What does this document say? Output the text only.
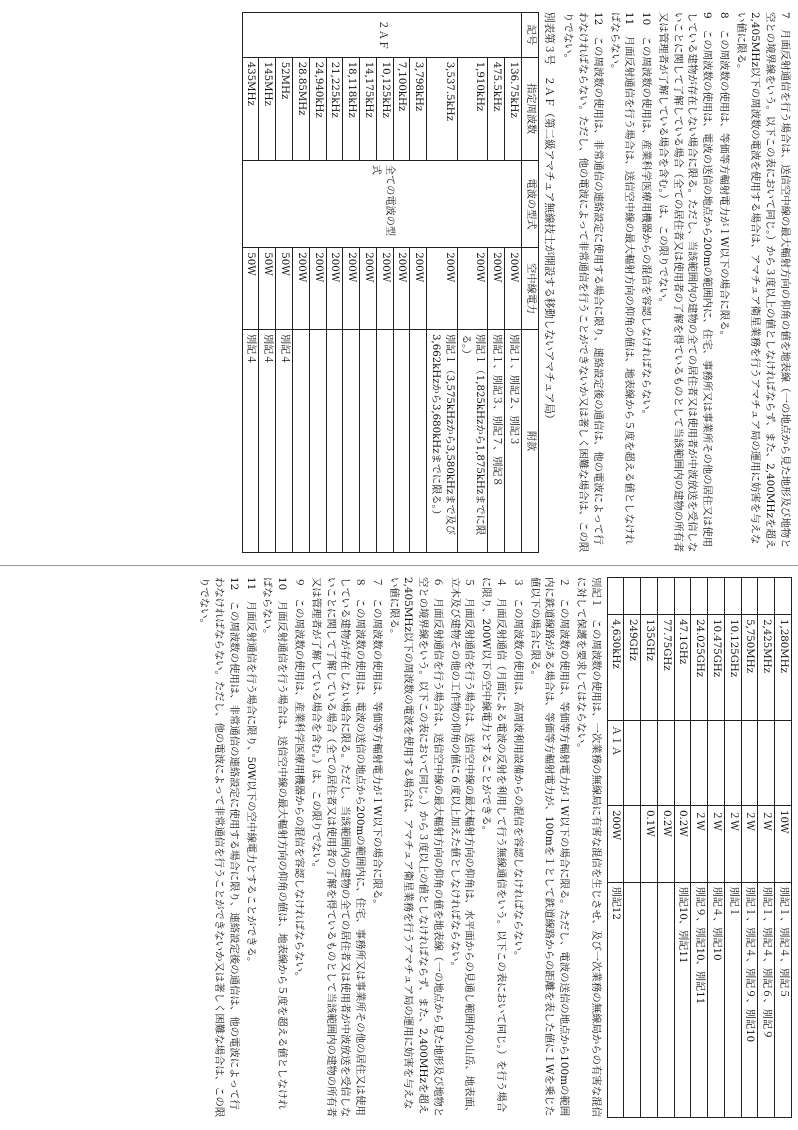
7　月面反射通信を行う場合は、送信空中線の最大輻射方向の仰角の値を地表線（一の地点から見た地形及び地物と空との境界線をいう。以下この表において同じ。）から３度以上の値としなければならず、また、2,400MHzを超え2,405MHz以下の周波数の電波を使用する場合は、アマチュア衛星業務を行うアマチュア局の運用に妨害を与えない値に限る。

8　この周波数の使用は、等価等方輻射電力が１W以下の場合に限る。

9　この周波数の使用は、電波の送信の地点から200mの範囲内に、住宅、事務所又は事業所その他の居住又は使用している建物が存在しない場合に限る。ただし、当該範囲内の建物の全ての居住者又は使用者が中波放送を受信しないことに関して了解している場合（全ての居住者又は使用者の了解を得ているものとして当該範囲内の建物の所有者又は管理者が了解している場合を含む。）は、この限りでない。

10　この周波数の使用は、産業科学医療用機器からの混信を容認しなければならない。

11　月面反射通信を行う場合は、送信空中線の最大輻射方向の仰角の値は、地表線から５度を超える値としなければならない。

12　この周波数の使用は、非常通信の連絡設定に使用する場合に限り、連絡設定後の通信は、他の電波によって行わなければならない。ただし、他の電波によって非常通信を行うことができないか又は著しく困難な場合は、この限りでない。

別表第３号　２ＡＦ（第二級アマチュア無線技士が開設する移動しないアマチュア局）
記号	指定周波数	電波の型式	空中線電力	附款
２ＡＦ	136.75kHz	全ての電波の型式	200W	別記１、別記２、別記３
	475.5kHz		200W	別記１、別記３、別記７、別記８
	1,910kHz		200W	別記１（1,825kHzから1,875kHzまでに限る。）
	3,537.5kHz		200W	別記１（3,575kHzから3,580kHzまで及び3,662kHzから3,680kHzまでに限る。）
	3,798kHz		200W	
	7,100kHz		200W	
	10,125kHz		200W	
	14,175kHz		200W	
	18,118kHz		200W	
	21,225kHz		200W	
	24,940kHz		200W	
	28.85MHz		200W	
	52MHz		50W	別記４
	145MHz		50W	別記４
	435MHz		50W	別記４
	1,280MHz		10W	別記１、別記４、別記５
	2,425MHz		２W	別記１、別記４、別記６、別記９
	5,750MHz		２W	別記１、別記４、別記９、別記10
	10.125GHz		２W	別記１
	10.475GHz		２W	別記４、別記10
	24.025GHz		２W	別記９、別記10、別記11
	47.1GHz		0.2W	別記10、別記11
	77.75GHz		0.2W	
	135GHz		0.1W	
	249GHz			
	4,630kHz	Ａ１Ａ	200W	別記12

別記１　この周波数の使用は、一次業務の無線局に有害な混信を生じさせ、及び一次業務の無線局からの有害な混信に対して保護を要求してはならない。

２　この周波数の使用は、等価等方輻射電力が１W以下の場合に限る。ただし、電波の送信の地点から100mの範囲内に鉄道線路がある場合は、等価等方輻射電力が、100mを１として鉄道線路からの距離を表した値に１Wを乗じた値以下の場合に限る。

３　この周波数の使用は、高周波利用設備からの混信を容認しなければならない。

４　月面反射通信（月面による電波の反射を利用して行う無線通信をいう。以下この表において同じ。）を行う場合に限り、200W以下の空中線電力とすることができる。

５　月面反射通信を行う場合は、送信空中線の最大輻射方向の仰角は、水平面からの見通し範囲内の山岳、地表面、立木及び建物その他の工作物の仰角の値に６度以上加えた値としなければならない。

６　月面反射通信を行う場合は、送信空中線の最大輻射方向の仰角の値を地表線（一の地点から見た地形及び地物と空との境界線をいう。以下この表において同じ。）から３度以上の値としなければならず、また、2,400MHzを超え2,405MHz以下の周波数の電波を使用する場合は、アマチュア衛星業務を行うアマチュア局の運用に妨害を与えない値に限る。

７　この周波数の使用は、等価等方輻射電力が１W以下の場合に限る。

８　この周波数の使用は、電波の送信の地点から200mの範囲内に、住宅、事務所又は事業所その他の居住又は使用している建物が存在しない場合に限る。ただし、当該範囲内の建物の全ての居住者又は使用者が中波放送を受信しないことに関して了解している場合（全ての居住者又は使用者の了解を得ているものとして当該範囲内の建物の所有者又は管理者が了解している場合を含む。）は、この限りでない。

９　この周波数の使用は、産業科学医療用機器からの混信を容認しなければならない。

10　月面反射通信を行う場合は、送信空中線の最大輻射方向の仰角の値は、地表線から５度を超える値としなければならない。

11　月面反射通信を行う場合に限り、50W以下の空中線電力とすることができる。

12　この周波数の使用は、非常通信の連絡設定に使用する場合に限り、連絡設定後の通信は、他の電波によって行わなければならない。ただし、他の電波によって非常通信を行うことができないか又は著しく困難な場合は、この限りでない。
